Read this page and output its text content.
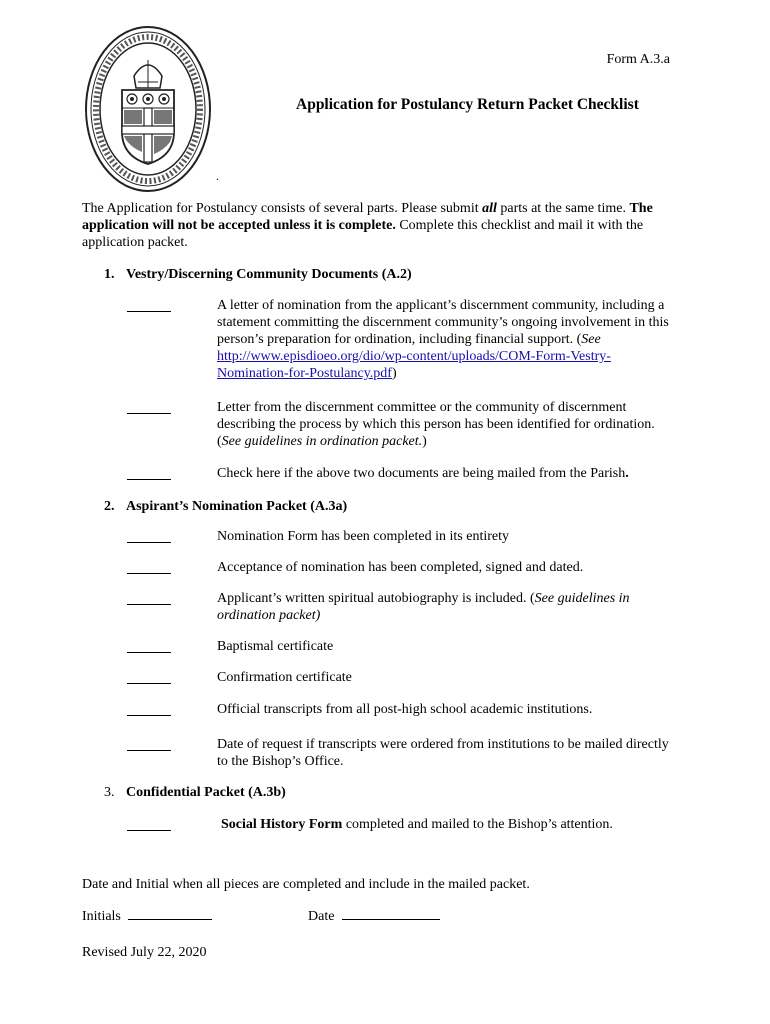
Form A.3.a
Application for Postulancy Return Packet Checklist
.
The Application for Postulancy consists of several parts. Please submit all parts at the same time. The application will not be accepted unless it is complete. Complete this checklist and mail it with the application packet.
1. Vestry/Discerning Community Documents (A.2)
A letter of nomination from the applicant’s discernment community, including a statement committing the discernment community’s ongoing involvement in this person’s preparation for ordination, including financial support. (See http://www.episdioeo.org/dio/wp-content/uploads/COM-Form-Vestry-Nomination-for-Postulancy.pdf)
Letter from the discernment committee or the community of discernment describing the process by which this person has been identified for ordination. (See guidelines in ordination packet.)
Check here if the above two documents are being mailed from the Parish.
2. Aspirant’s Nomination Packet (A.3a)
Nomination Form has been completed in its entirety
Acceptance of nomination has been completed, signed and dated.
Applicant’s written spiritual autobiography is included. (See guidelines in ordination packet)
Baptismal certificate
Confirmation certificate
Official transcripts from all post-high school academic institutions.
Date of request if transcripts were ordered from institutions to be mailed directly to the Bishop’s Office.
3. Confidential Packet (A.3b)
Social History Form completed and mailed to the Bishop’s attention.
Date and Initial when all pieces are completed and include in the mailed packet.
Initials	Date
Revised July 22, 2020
